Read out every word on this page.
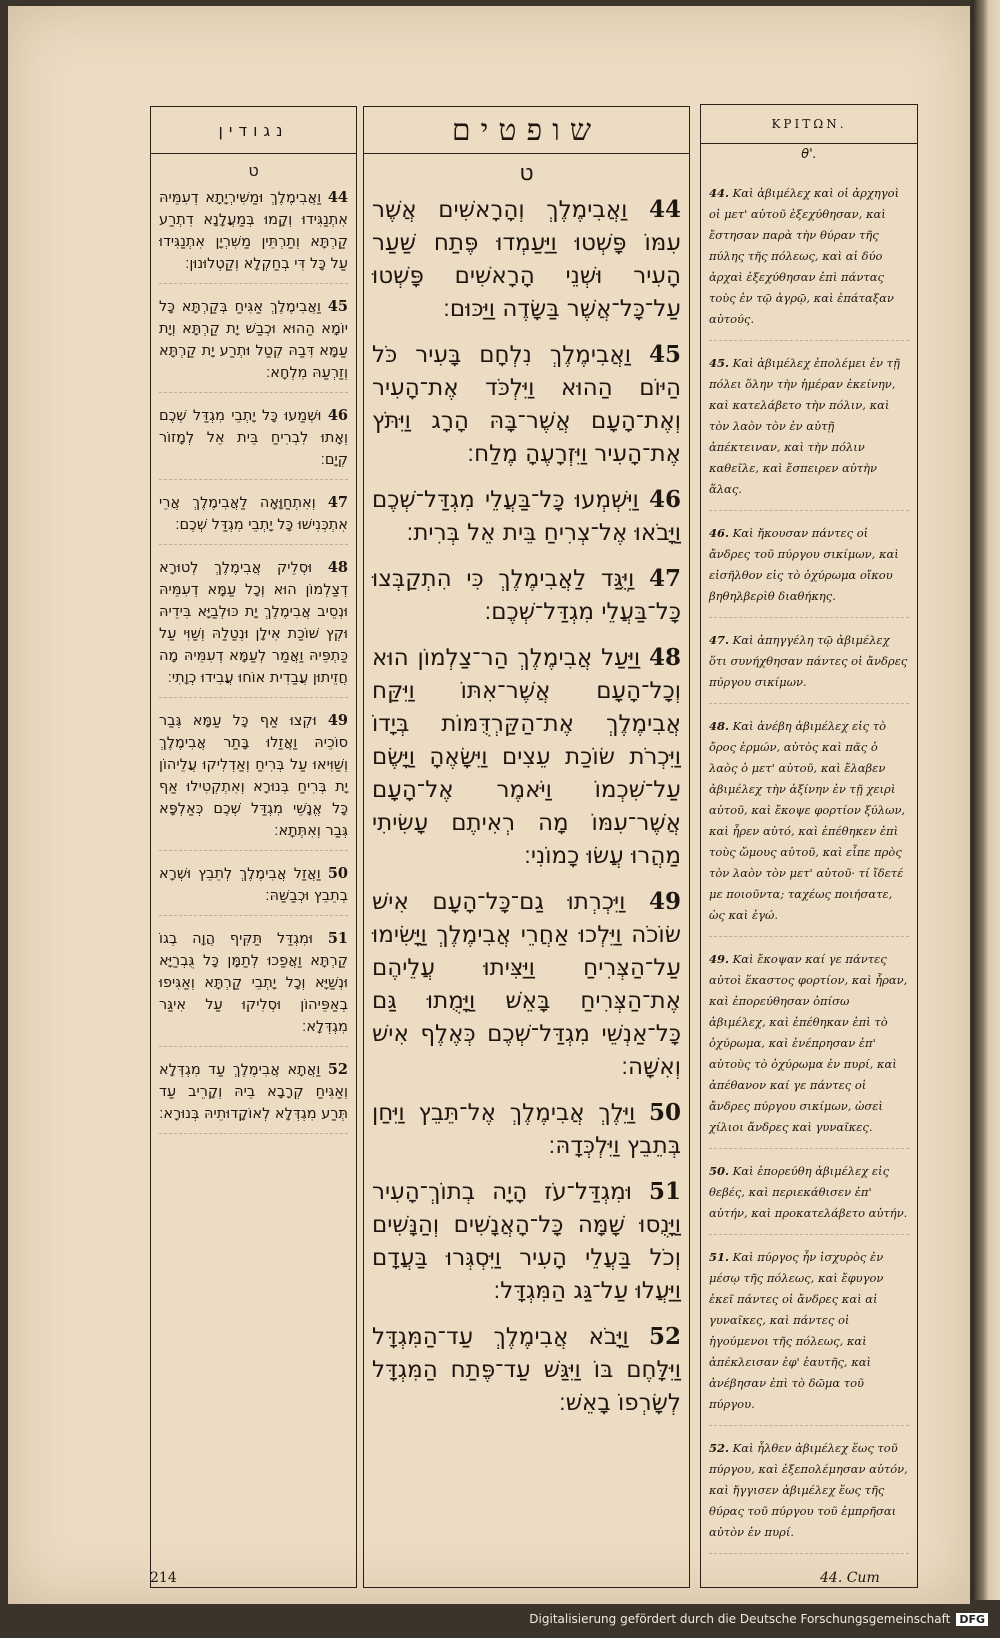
נגודין
ט
44 וַאֲבִימֶלֶךְ וּמַשִּׁירְיָתָא דְעִמֵּיהּ אִתְנַגִּידוּ וְקָמוּ בְּמַעֲלָנָא דִתְרַע קַרְתָּא וְתַרְתֵּין מַשִּׁרְיָן אִתְנַגִּידוּ עַל כָּל דִּי בְחַקְלָא וְקַטְלוּנוּן׃
45 וַאֲבִימֶלֶךְ אַגִּיחַ בְּקַרְתָּא כָּל יוֹמָא הַהוּא וּכְבַשׁ יָת קַרְתָּא וְיָת עַמָּא דִּבַהּ קְטַל וּתְרַע יָת קַרְתָּא וְזַרְעַהּ מִלְחָא׃
46 וּשְׁמַעוּ כָּל יָתְבֵי מִגְדַּל שְׁכֶם וְאָתוּ לִבְרִיחַ בֵּית אֵל לְמָזוֹר קְיָם׃
47 וְאִתְחַוָּאָה לַאֲבִימֶלֶךְ אֲרֵי אִתְכְּנִישׁוּ כָּל יָתְבֵי מִגְדַּל שְׁכֶם׃
48 וּסְלֵיק אֲבִימֶלֶךְ לְטוּרָא דְצַלְמוֹן הוּא וְכָל עַמָּא דְעִמֵּיהּ וּנְסֵיב אֲבִימֶלֶךְ יָת כּוּלְבַיָּא בִּידֵיהּ וּקְץ שׁוֹכַת אִילָן וּנְטַלַהּ וְשַׁוִּי עַל כַּתְפֵּיהּ וַאֲמַר לְעַמָּא דְעִמֵּיהּ מָה חֲזֵיתוּן עֲבַדִית אוֹחוּ עֲבִידוּ כְוָתִי׃
49 וּקְצוּ אַף כָּל עַמָּא גְּבַר סוֹכֵיהּ וַאֲזַלוּ בָּתַר אֲבִימֶלֶךְ וְשַׁוִּיאוּ עַל בְּרִיחַ וְאַדְלִיקוּ עֲלֵיהוֹן יָת בְּרִיחַ בְּנוּרָא וְאִתְקְטִילוּ אַף כָּל אֱנָשֵׁי מִגְדַּל שְׁכֶם כְּאַלְפָּא גְּבַר וְאִתְּתָא׃
50 וַאֲזַל אֲבִימֶלֶךְ לְתֵבֵץ וּשְׁרָא בְתֵבֵץ וּכְבַשַׁהּ׃
51 וּמִגְדַּל תַּקִּיף הֲוָה בְגוֹ קַרְתָּא וַאֲפַכוּ לְתַמָּן כָּל גֻּבְרַיָּא וּנְשַׁיָּא וְכָל יָתְבֵי קַרְתָּא וְאַגִּיפוּ בְאַפֵּיהוֹן וּסְלִיקוּ עַל אִיגַּר מִגְדְּלָא׃
52 וַאֲתָא אֲבִימֶלֶךְ עַד מִגְדְּלָא וְאַגִּיחַ קְרָבָא בֵיהּ וְקָרֵיב עַד תְּרַע מִגְדְּלָא לְאוֹקָדוּתֵיהּ בְּנוּרָא׃
שופטים
ט
44 וַאֲבִימֶלֶךְ וְהָרָאשִׁים אֲשֶׁר עִמּוֹ פָּשְׁטוּ וַיַּעַמְדוּ פֶּתַח שַׁעַר הָעִיר וּשְׁנֵי הָרָאשִׁים פָּשְׁטוּ עַל־כָּל־אֲשֶׁר בַּשָּׂדֶה וַיַּכּוּם׃
45 וַאֲבִימֶלֶךְ נִלְחָם בָּעִיר כֹּל הַיּוֹם הַהוּא וַיִּלְכֹּד אֶת־הָעִיר וְאֶת־הָעָם אֲשֶׁר־בָּהּ הָרָג וַיִּתֹּץ אֶת־הָעִיר וַיִּזְרָעֶהָ מֶלַח׃
46 וַיִּשְׁמְעוּ כָּל־בַּעֲלֵי מִגְדַּל־שְׁכֶם וַיָּבֹאוּ אֶל־צְרִיחַ בֵּית אֵל בְּרִית׃
47 וַיֻּגַּד לַאֲבִימֶלֶךְ כִּי הִתְקַבְּצוּ כָּל־בַּעֲלֵי מִגְדַּל־שְׁכֶם׃
48 וַיַּעַל אֲבִימֶלֶךְ הַר־צַלְמוֹן הוּא וְכָל־הָעָם אֲשֶׁר־אִתּוֹ וַיִּקַּח אֲבִימֶלֶךְ אֶת־הַקַּרְדֻּמּוֹת בְּיָדוֹ וַיִּכְרֹת שׂוֹכַת עֵצִים וַיִּשָּׂאֶהָ וַיָּשֶׂם עַל־שִׁכְמוֹ וַיֹּאמֶר אֶל־הָעָם אֲשֶׁר־עִמּוֹ מָה רְאִיתֶם עָשִׂיתִי מַהֲרוּ עֲשׂוּ כָמוֹנִי׃
49 וַיִּכְרְתוּ גַם־כָּל־הָעָם אִישׁ שׂוֹכֹה וַיֵּלְכוּ אַחֲרֵי אֲבִימֶלֶךְ וַיָּשִׂימוּ עַל־הַצְּרִיחַ וַיַּצִּיתוּ עֲלֵיהֶם אֶת־הַצְּרִיחַ בָּאֵשׁ וַיָּמֻתוּ גַּם כָּל־אַנְשֵׁי מִגְדַּל־שְׁכֶם כְּאֶלֶף אִישׁ וְאִשָּׁה׃
50 וַיֵּלֶךְ אֲבִימֶלֶךְ אֶל־תֵּבֵץ וַיִּחַן בְּתֵבֵץ וַיִּלְכְּדָהּ׃
51 וּמִגְדַּל־עֹז הָיָה בְתוֹךְ־הָעִיר וַיָּנֻסוּ שָׁמָּה כָּל־הָאֲנָשִׁים וְהַנָּשִׁים וְכֹל בַּעֲלֵי הָעִיר וַיִּסְגְּרוּ בַּעֲדָם וַיַּעֲלוּ עַל־גַּג הַמִּגְדָּל׃
52 וַיָּבֹא אֲבִימֶלֶךְ עַד־הַמִּגְדָּל וַיִּלָּחֶם בּוֹ וַיִּגַּשׁ עַד־פֶּתַח הַמִּגְדָּל לְשָׂרְפוֹ בָאֵשׁ׃
ΚΡΙΤΩΝ.
θ'.
44. Καὶ ἀβιμέλεχ καὶ οἱ ἀρχηγοὶ οἱ μετ' αὐτοῦ ἐξεχύθησαν, καὶ ἔστησαν παρὰ τὴν θύραν τῆς πύλης τῆς πόλεως, καὶ αἱ δύο ἀρχαὶ ἐξεχύθησαν ἐπὶ πάντας τοὺς ἐν τῷ ἀγρῷ, καὶ ἐπάταξαν αὐτούς.
45. Καὶ ἀβιμέλεχ ἐπολέμει ἐν τῇ πόλει ὅλην τὴν ἡμέραν ἐκείνην, καὶ κατελάβετο τὴν πόλιν, καὶ τὸν λαὸν τὸν ἐν αὐτῇ ἀπέκτειναν, καὶ τὴν πόλιν καθεῖλε, καὶ ἔσπειρεν αὐτὴν ἅλας.
46. Καὶ ἤκουσαν πάντες οἱ ἄνδρες τοῦ πύργου σικίμων, καὶ εἰσῆλθον εἰς τὸ ὀχύρωμα οἴκου βηθηλβερὶθ διαθήκης.
47. Καὶ ἀπηγγέλη τῷ ἀβιμέλεχ ὅτι συνήχθησαν πάντες οἱ ἄνδρες πύργου σικίμων.
48. Καὶ ἀνέβη ἀβιμέλεχ εἰς τὸ ὄρος ἑρμών, αὐτὸς καὶ πᾶς ὁ λαὸς ὁ μετ' αὐτοῦ, καὶ ἔλαβεν ἀβιμέλεχ τὴν ἀξίνην ἐν τῇ χειρὶ αὐτοῦ, καὶ ἔκοψε φορτίον ξύλων, καὶ ἦρεν αὐτό, καὶ ἐπέθηκεν ἐπὶ τοὺς ὤμους αὐτοῦ, καὶ εἶπε πρὸς τὸν λαὸν τὸν μετ' αὐτοῦ· τί ἴδετέ με ποιοῦντα; ταχέως ποιήσατε, ὡς καὶ ἐγώ.
49. Καὶ ἔκοψαν καί γε πάντες αὐτοὶ ἕκαστος φορτίον, καὶ ἦραν, καὶ ἐπορεύθησαν ὀπίσω ἀβιμέλεχ, καὶ ἐπέθηκαν ἐπὶ τὸ ὀχύρωμα, καὶ ἐνέπρησαν ἐπ' αὐτοὺς τὸ ὀχύρωμα ἐν πυρί, καὶ ἀπέθανον καί γε πάντες οἱ ἄνδρες πύργου σικίμων, ὡσεὶ χίλιοι ἄνδρες καὶ γυναῖκες.
50. Καὶ ἐπορεύθη ἀβιμέλεχ εἰς θεβές, καὶ περιεκάθισεν ἐπ' αὐτήν, καὶ προκατελάβετο αὐτήν.
51. Καὶ πύργος ἦν ἰσχυρὸς ἐν μέσῳ τῆς πόλεως, καὶ ἔφυγον ἐκεῖ πάντες οἱ ἄνδρες καὶ αἱ γυναῖκες, καὶ πάντες οἱ ἡγούμενοι τῆς πόλεως, καὶ ἀπέκλεισαν ἐφ' ἑαυτῆς, καὶ ἀνέβησαν ἐπὶ τὸ δῶμα τοῦ πύργου.
52. Καὶ ἦλθεν ἀβιμέλεχ ἕως τοῦ πύργου, καὶ ἐξεπολέμησαν αὐτόν, καὶ ἤγγισεν ἀβιμέλεχ ἕως τῆς θύρας τοῦ πύργου τοῦ ἐμπρῆσαι αὐτὸν ἐν πυρί.
214	44. Cum
Digitalisierung gefördert durch die Deutsche Forschungsgemeinschaft DFG
